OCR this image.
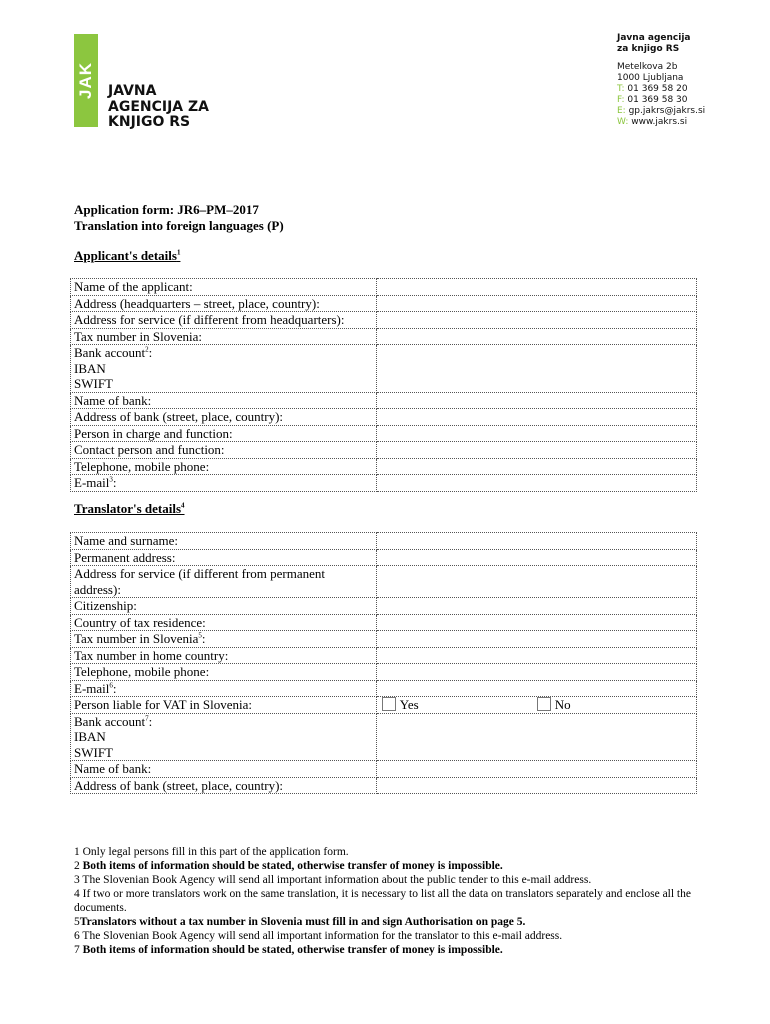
JAK JAVNA
AGENCIJA ZA
KNJIGO RS
Javna agencija
za knjigo RS
Metelkova 2b
1000 Ljubljana
T: 01 369 58 20
F: 01 369 58 30
E: gp.jakrs@jakrs.si
W: www.jakrs.si
Application form: JR6–PM–2017
Translation into foreign languages (P)
Applicant's details$^1$
Name of the applicant:	
Address (headquarters – street, place, country):	
Address for service (if different from headquarters):	
Tax number in Slovenia:	
Bank account$^2$:
IBAN
SWIFT	

Name of bank:	
Address of bank (street, place, country):	
Person in charge and function:	
Contact person and function:	
Telephone, mobile phone:	
E-mail$^3$:	
Translator's details$^4$
Name and surname:	
Permanent address:	
Address for service (if different from permanent address):	
Citizenship:	
Country of tax residence:	
Tax number in Slovenia$^5$:	
Tax number in home country:	
Telephone, mobile phone:	
E-mail$^6$:	
Person liable for VAT in Slovenia:	Yes No
Bank account$^7$:
IBAN
SWIFT	

Name of bank:	
Address of bank (street, place, country):	
1 Only legal persons fill in this part of the application form.
2 Both items of information should be stated, otherwise transfer of money is impossible.
3 The Slovenian Book Agency will send all important information about the public tender to this e-mail address.
4 If two or more translators work on the same translation, it is necessary to list all the data on translators separately and enclose all the documents.
5Translators without a tax number in Slovenia must fill in and sign Authorisation on page 5.
6 The Slovenian Book Agency will send all important information for the translator to this e-mail address.
7 Both items of information should be stated, otherwise transfer of money is impossible.
